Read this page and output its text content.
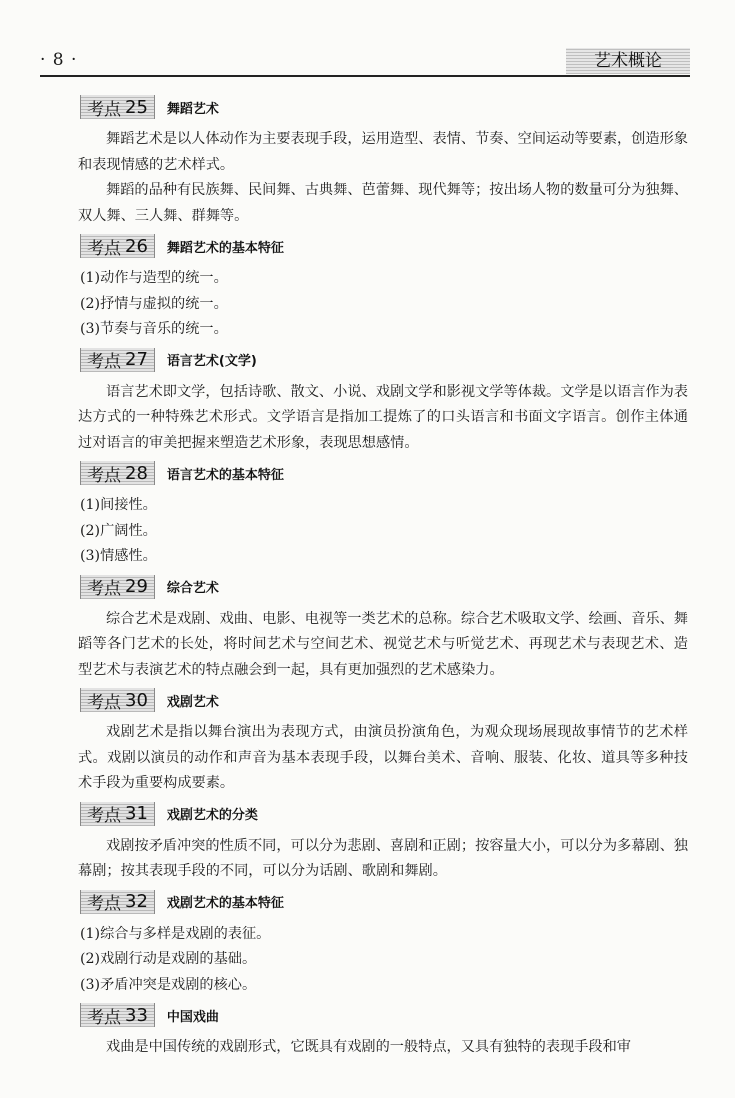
· 8 ·	艺术概论
考点 25 舞蹈艺术

舞蹈艺术是以人体动作为主要表现手段，运用造型、表情、节奏、空间运动等要素，创造形象和表现情感的艺术样式。

舞蹈的品种有民族舞、民间舞、古典舞、芭蕾舞、现代舞等；按出场人物的数量可分为独舞、双人舞、三人舞、群舞等。

考点 26 舞蹈艺术的基本特征

(1)动作与造型的统一。

(2)抒情与虚拟的统一。

(3)节奏与音乐的统一。

考点 27 语言艺术(文学)

语言艺术即文学，包括诗歌、散文、小说、戏剧文学和影视文学等体裁。文学是以语言作为表达方式的一种特殊艺术形式。文学语言是指加工提炼了的口头语言和书面文字语言。创作主体通过对语言的审美把握来塑造艺术形象，表现思想感情。

考点 28 语言艺术的基本特征

(1)间接性。

(2)广阔性。

(3)情感性。

考点 29 综合艺术

综合艺术是戏剧、戏曲、电影、电视等一类艺术的总称。综合艺术吸取文学、绘画、音乐、舞蹈等各门艺术的长处，将时间艺术与空间艺术、视觉艺术与听觉艺术、再现艺术与表现艺术、造型艺术与表演艺术的特点融会到一起，具有更加强烈的艺术感染力。

考点 30 戏剧艺术

戏剧艺术是指以舞台演出为表现方式，由演员扮演角色，为观众现场展现故事情节的艺术样式。戏剧以演员的动作和声音为基本表现手段，以舞台美术、音响、服装、化妆、道具等多种技术手段为重要构成要素。

考点 31 戏剧艺术的分类

戏剧按矛盾冲突的性质不同，可以分为悲剧、喜剧和正剧；按容量大小，可以分为多幕剧、独幕剧；按其表现手段的不同，可以分为话剧、歌剧和舞剧。

考点 32 戏剧艺术的基本特征

(1)综合与多样是戏剧的表征。

(2)戏剧行动是戏剧的基础。

(3)矛盾冲突是戏剧的核心。

考点 33 中国戏曲

戏曲是中国传统的戏剧形式，它既具有戏剧的一般特点，又具有独特的表现手段和审
